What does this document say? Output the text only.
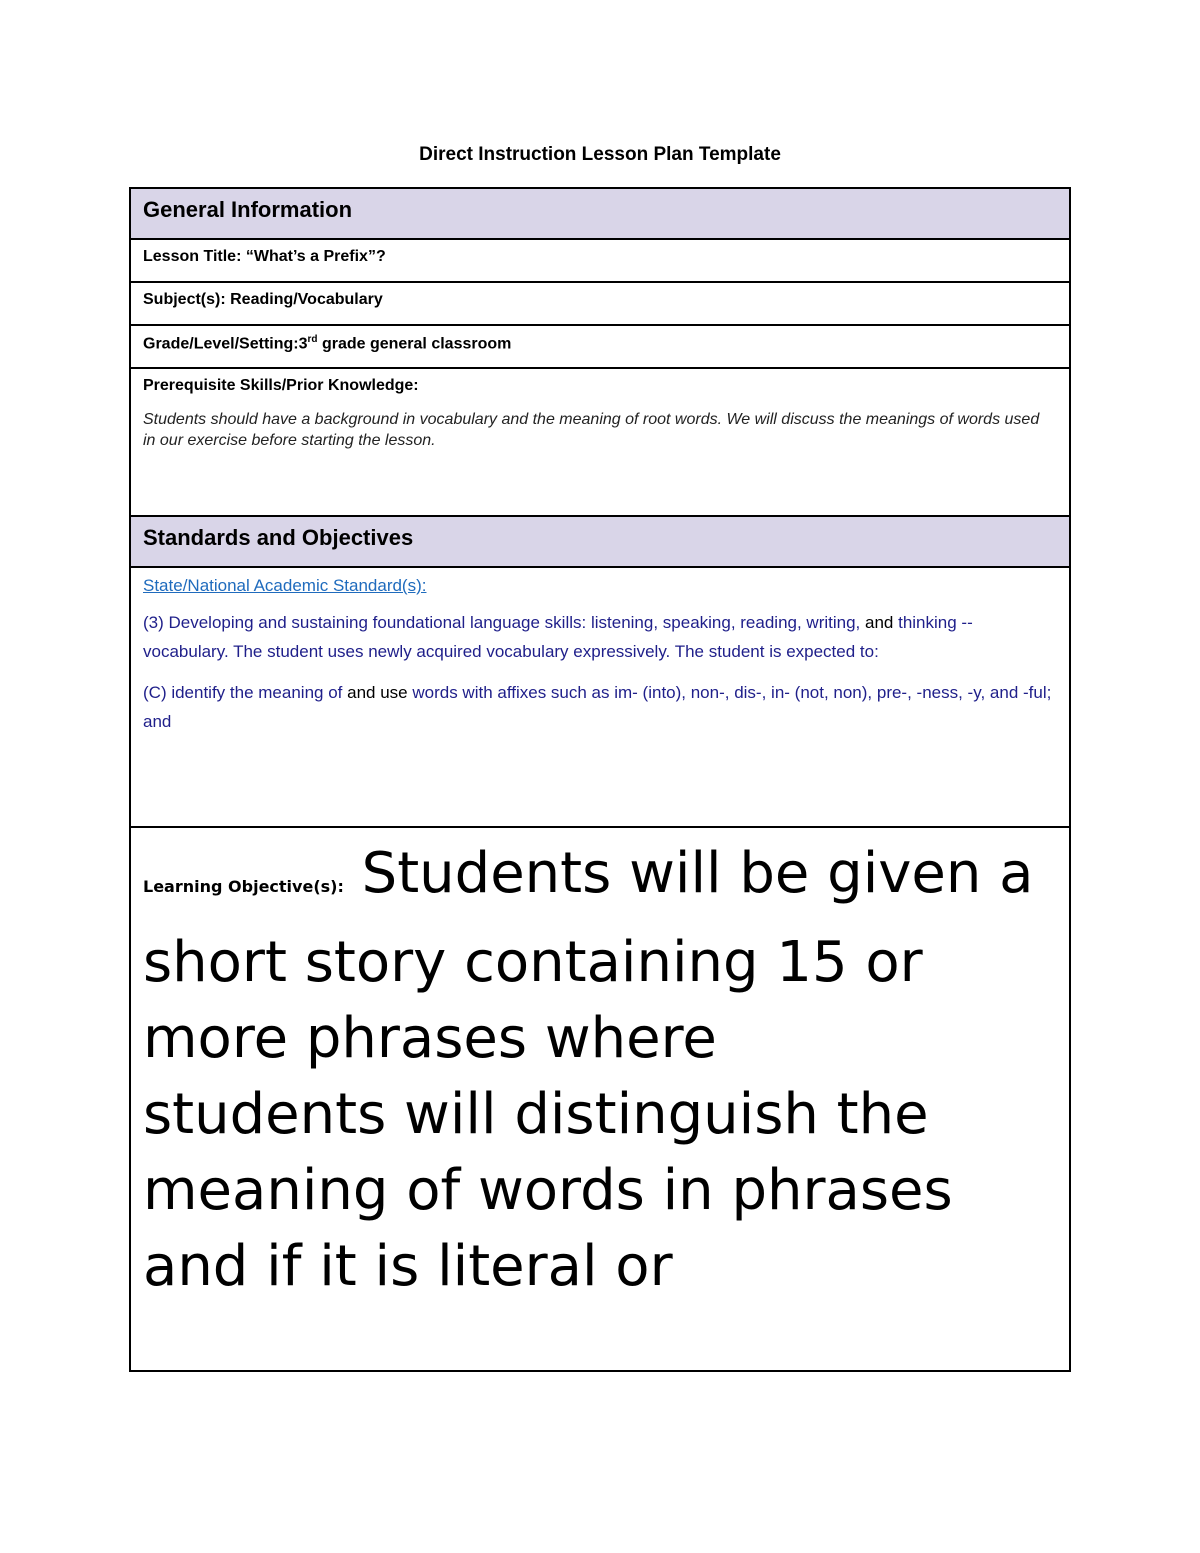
Direct Instruction Lesson Plan Template
General Information
Lesson Title: “What’s a Prefix”?
Subject(s): Reading/Vocabulary
Grade/Level/Setting:3rd grade general classroom

Prerequisite Skills/Prior Knowledge:
Students should have a background in vocabulary and the meaning of root words. We will discuss the meanings of words used in our exercise before starting the lesson.

Standards and Objectives

State/National Academic Standard(s):
(3) Developing and sustaining foundational language skills: listening, speaking, reading, writing, and thinking --vocabulary. The student uses newly acquired vocabulary expressively. The student is expected to:
(C) identify the meaning of and use words with affixes such as im- (into), non-, dis-, in- (not, non), pre-, -ness, -y, and -ful; and

Learning Objective(s): Students will be given a short story containing 15 or more phrases where
students will distinguish the meaning of words in phrases and if it is literal or
